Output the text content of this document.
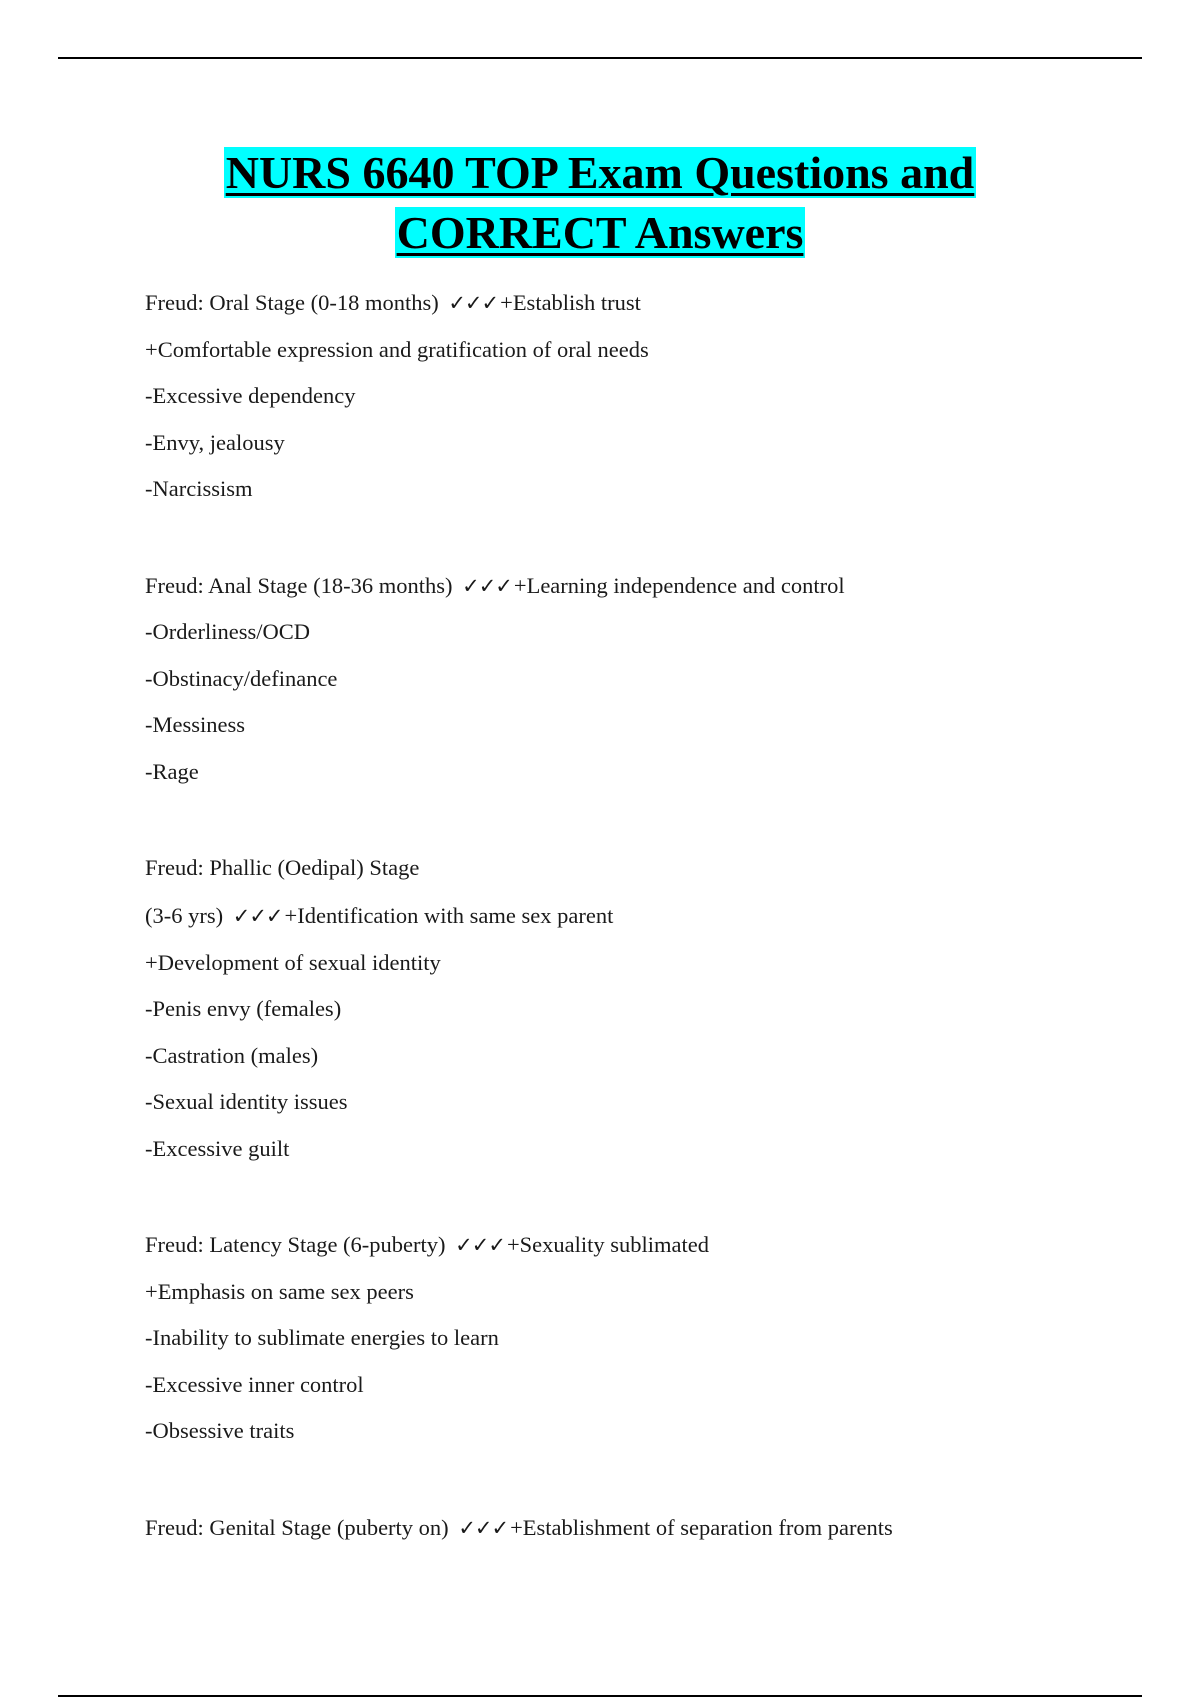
NURS 6640 TOP Exam Questions and
CORRECT Answers

Freud: Oral Stage (0-18 months) ✓✓✓+Establish trust

+Comfortable expression and gratification of oral needs

-Excessive dependency

-Envy, jealousy

-Narcissism

Freud: Anal Stage (18-36 months) ✓✓✓+Learning independence and control

-Orderliness/OCD

-Obstinacy/definance

-Messiness

-Rage

Freud: Phallic (Oedipal) Stage

(3-6 yrs) ✓✓✓+Identification with same sex parent

+Development of sexual identity

-Penis envy (females)

-Castration (males)

-Sexual identity issues

-Excessive guilt

Freud: Latency Stage (6-puberty) ✓✓✓+Sexuality sublimated

+Emphasis on same sex peers

-Inability to sublimate energies to learn

-Excessive inner control

-Obsessive traits

Freud: Genital Stage (puberty on) ✓✓✓+Establishment of separation from parents
